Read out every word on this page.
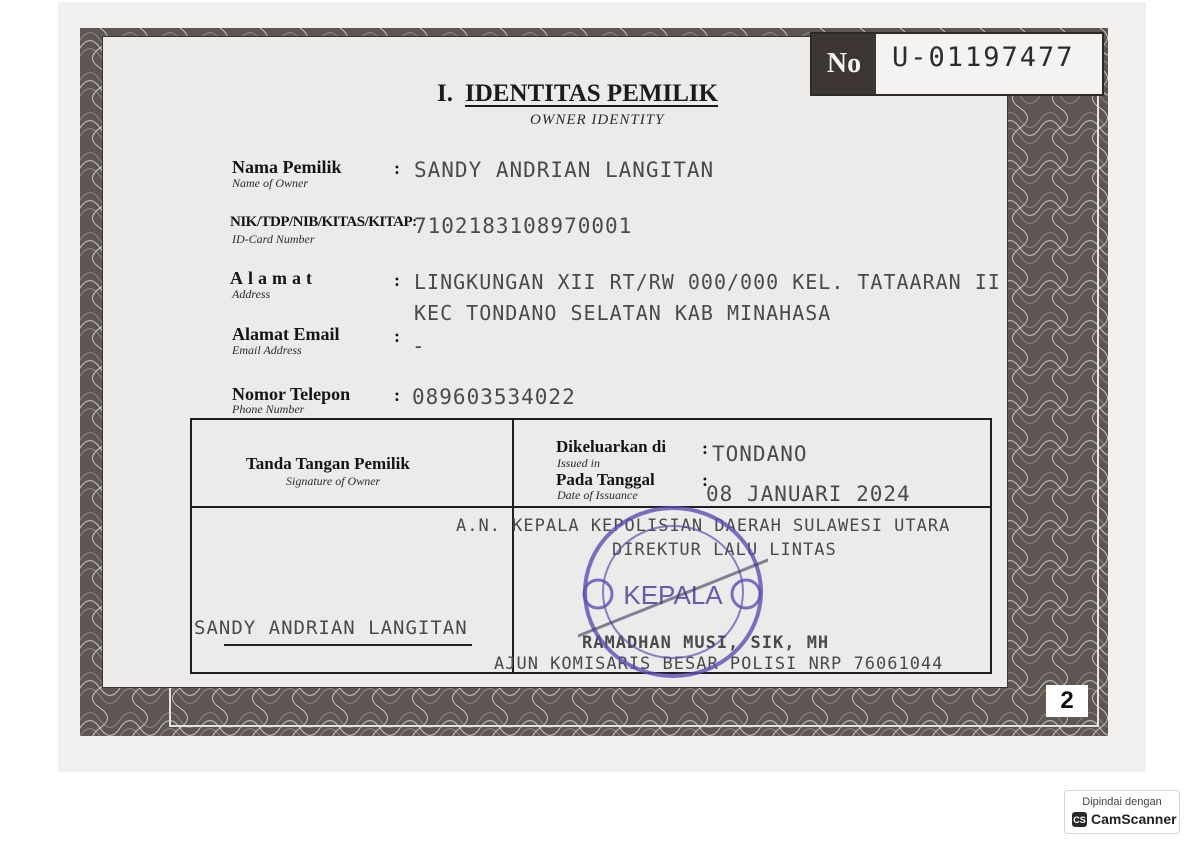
No	U-01197477
I. IDENTITAS PEMILIK
OWNER IDENTITY
Nama Pemilik
Name of Owner
: SANDY ANDRIAN LANGITAN
NIK/TDP/NIB/KITAS/KITAP:
ID-Card Number
7102183108970001
Alamat
Address
: LINGKUNGAN XII RT/RW 000/000 KEL. TATAARAN II
KEC TONDANO SELATAN KAB MINAHASA
Alamat Email
Email Address
: -
Nomor Telepon
Phone Number
: 089603534022
Tanda Tangan Pemilik
Signature of Owner
Dikeluarkan di
Issued in
: TONDANO
Pada Tanggal
Date of Issuance
:
08 JANUARI 2024
A.N. KEPALA KEPOLISIAN DAERAH SULAWESI UTARA
DIREKTUR LALU LINTAS
SANDY ANDRIAN LANGITAN
RAMADHAN MUSI, SIK, MH
AJUN KOMISARIS BESAR POLISI NRP 76061044
KEPALA
2
Dipindai dengan
CS CamScanner
